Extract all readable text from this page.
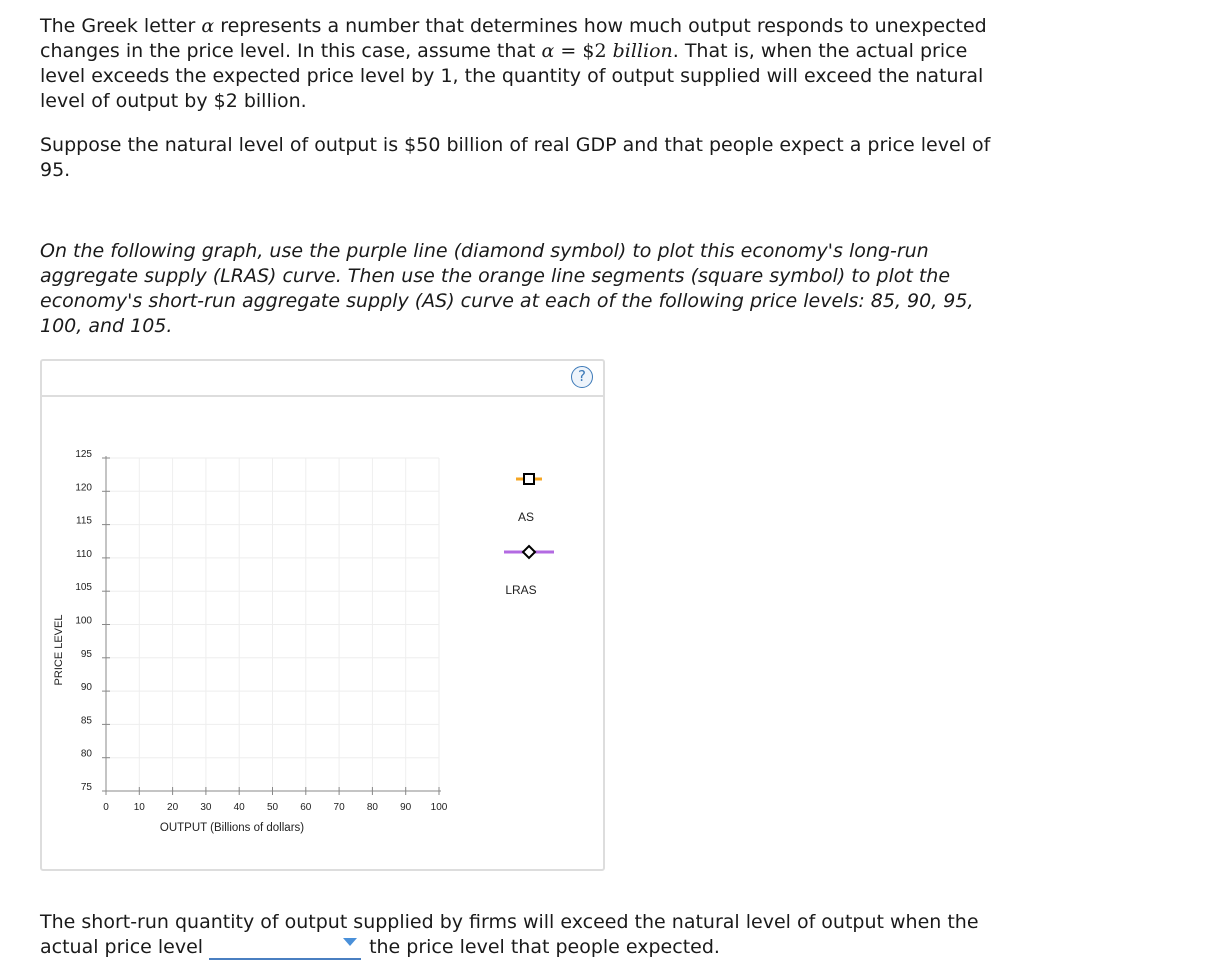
The Greek letter α represents a number that determines how much output responds to unexpected changes in the price level. In this case, assume that α = $2 billion. That is, when the actual price level exceeds the expected price level by 1, the quantity of output supplied will exceed the natural level of output by $2 billion.

Suppose the natural level of output is $50 billion of real GDP and that people expect a price level of 95.

On the following graph, use the purple line (diamond symbol) to plot this economy's long-run aggregate supply (LRAS) curve. Then use the orange line segments (square symbol) to plot the economy's short-run aggregate supply (AS) curve at each of the following price levels: 85, 90, 95, 100, and 105.

?
75
80
85
90
95
100
105
110
115
120
125
0 10 20 30 40 50 60 70 80 90 100
PRICE LEVEL
OUTPUT (Billions of dollars)
AS
LRAS

The short-run quantity of output supplied by firms will exceed the natural level of output when the actual price level	the price level that people expected.
